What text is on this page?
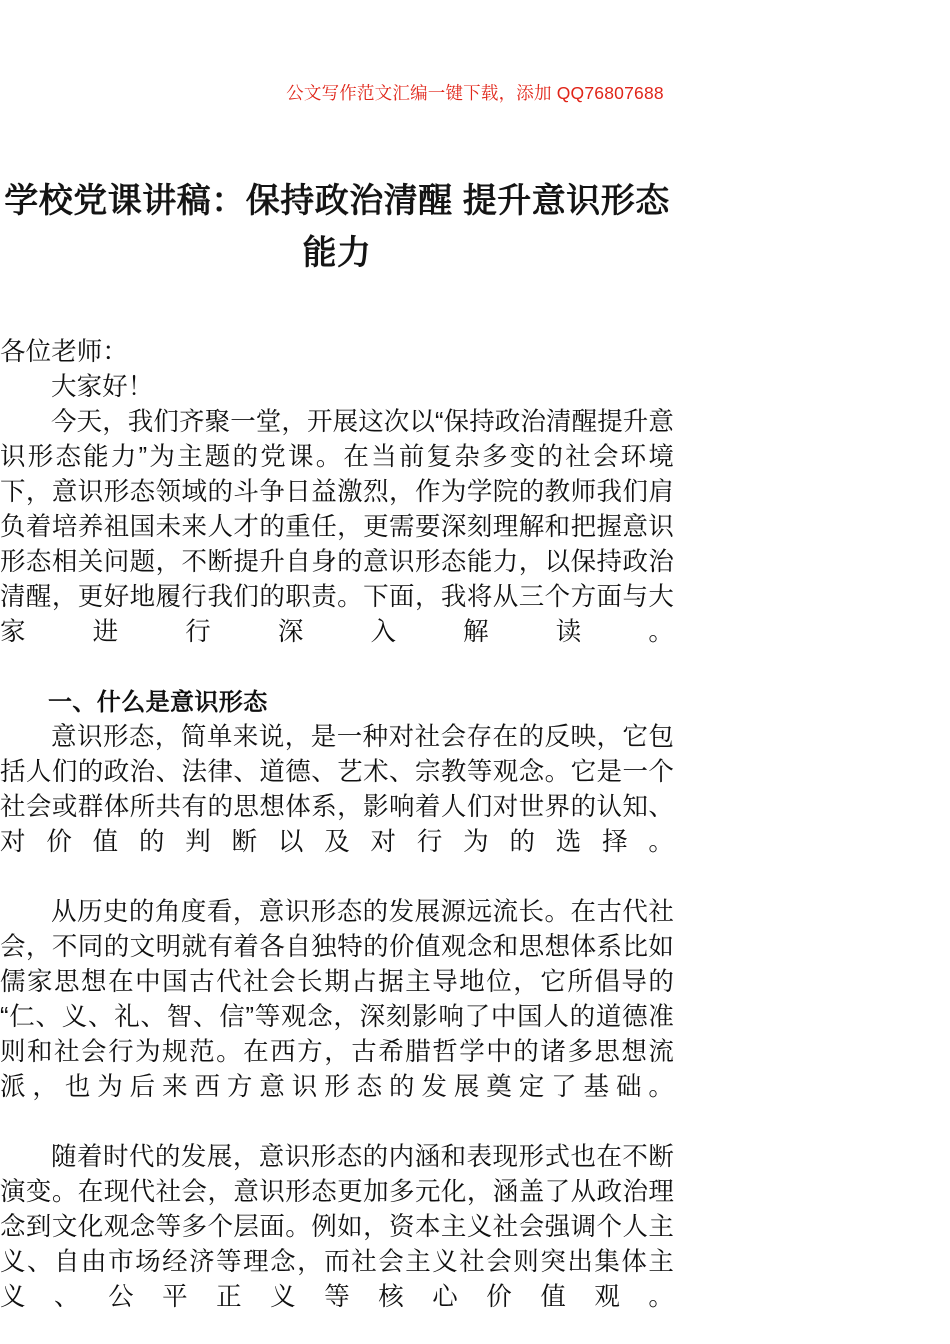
公文写作范文汇编一键下载，添加 QQ76807688
学校党课讲稿：保持政治清醒 提升意识形态能力

各位老师：

大家好！

今天，我们齐聚一堂，开展这次以“保持政治清醒提升意识形态能力”为主题的党课。在当前复杂多变的社会环境下，意识形态领域的斗争日益激烈，作为学院的教师我们肩负着培养祖国未来人才的重任，更需要深刻理解和把握意识形态相关问题，不断提升自身的意识形态能力，以保持政治清醒，更好地履行我们的职责。下面，我将从三个方面与大家进行深入解读。

一、什么是意识形态

意识形态，简单来说，是一种对社会存在的反映，它包括人们的政治、法律、道德、艺术、宗教等观念。它是一个社会或群体所共有的思想体系，影响着人们对世界的认知、对价值的判断以及对行为的选择。

从历史的角度看，意识形态的发展源远流长。在古代社会，不同的文明就有着各自独特的价值观念和思想体系比如儒家思想在中国古代社会长期占据主导地位，它所倡导的“仁、义、礼、智、信”等观念，深刻影响了中国人的道德准则和社会行为规范。在西方，古希腊哲学中的诸多思想流派，也为后来西方意识形态的发展奠定了基础。

随着时代的发展，意识形态的内涵和表现形式也在不断演变。在现代社会，意识形态更加多元化，涵盖了从政治理念到文化观念等多个层面。例如，资本主义社会强调个人主义、自由市场经济等理念，而社会主义社会则突出集体主义、公平正义等核心价值观。
